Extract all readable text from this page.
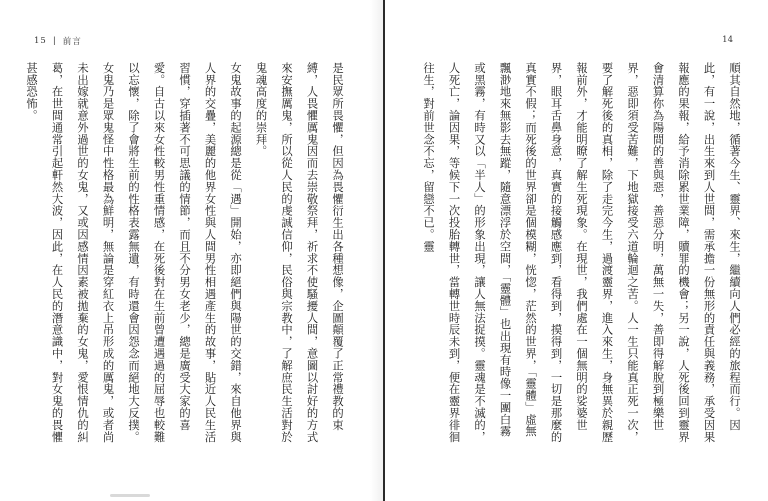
15 | 前言

是民眾所畏懼，但因為畏懼衍生出各種想像，企圖顛覆了正常禮教的束縛，人畏懼厲鬼因而去崇敬祭拜，祈求不使騷擾人間，意圖以討好的方式來安撫厲鬼，所以從人民的虔誠信仰，民俗與宗教中，了解庶民生活對於鬼魂高度的崇拜。

女鬼故事的起源總是從「遇」開始，亦即絕們與陽世的交錯，來自他界與人界的交疊，美麗的他界女性與人間男性相遇產生的故事，貼近人民生活習慣，穿插著不可思議的情節，而且不分男女老少，總是廣受大家的喜愛。自古以來女性較男性重情感，在死後對在生前曾遭遇過的屈辱也較難以忘懷，除了會將生前的性格表露無遺，有時還會因怨念而絕地大反撲。女鬼乃是眾鬼怪中性格最為鮮明，無論是穿紅衣上吊形成的厲鬼，或者尚未出嫁就意外過世的女鬼，又或因感情因素被拋棄的女鬼，愛恨情仇的糾葛，在世間通常引起軒然大波，因此，在人民的潛意識中，對女鬼的畏懼甚感恐怖。

14

順其自然地，循著今生、靈界、來生，繼續向人們必經的旅程而行。因此，有一說，出生來到人世間，需承擔一份無形的責任與義務，承受因果報應的果報，給予消除累世業障，贖罪的機會；另一說，人死後回到靈界會清算你為陽間的善與惡，善惡分明，萬無一失，善即得解脫到極樂世界，惡即須受苦難，下地獄接受六道輪迴之苦。人一生只能真正死一次，要了解死後的真相，除了走完今生，過渡靈界，進入來生，身無異於親歷報前外，才能明瞭了解生死現象。在現世，我們處在一個無明的娑婆世界，眼耳舌鼻身意，真實的接觸感應到，看得到，摸得到，一切是那麼的真實不假；而死後的世界卻是個模糊，恍惚，茫然的世界，「靈體」虛無飄渺地來無影去無蹤，隨意漂浮於空間，「靈體」也出現有時像一團白霧或黑霧，有時又以「半人」的形象出現，讓人無法捉摸。靈魂是不滅的，人死亡，論因果，等候下一次投胎轉世，當轉世時辰未到，便在靈界徘徊往生，對前世念不忘，留戀不已。靈
